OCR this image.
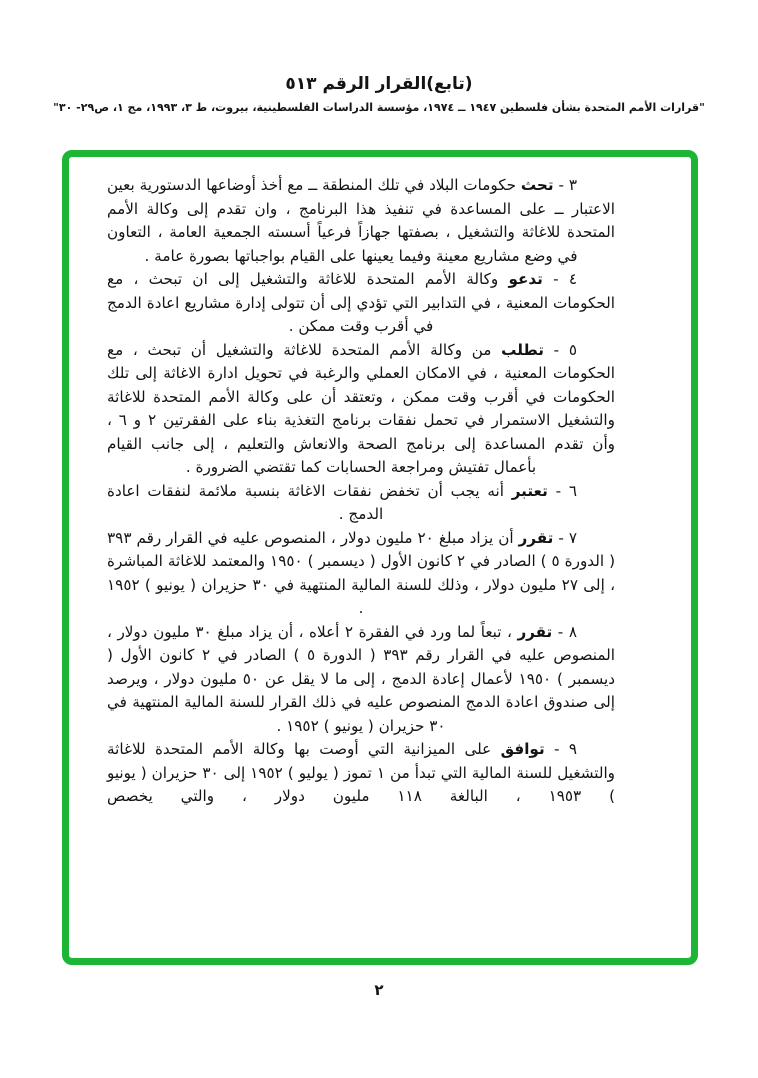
(تابع)القرار الرقم ٥١٣
"قرارات الأمم المتحدة بشأن فلسطين ١٩٤٧ ــ ١٩٧٤، مؤسسة الدراسات الفلسطينية، بيروت، ط ٣، ١٩٩٣، مج ١، ص٢٩- ٣٠"

٣ - تحث حكومات البلاد في تلك المنطقة ــ مع أخذ أوضاعها الدستورية بعين الاعتبار ــ على المساعدة في تنفيذ هذا البرنامج ، وان تقدم إلى وكالة الأمم المتحدة للاغاثة والتشغيل ، بصفتها جهازاً فرعياً أسسته الجمعية العامة ، التعاون في وضع مشاريع معينة وفيما يعينها على القيام بواجباتها بصورة عامة .

٤ - تدعو وكالة الأمم المتحدة للاغاثة والتشغيل إلى ان تبحث ، مع الحكومات المعنية ، في التدابير التي تؤدي إلى أن تتولى إدارة مشاريع اعادة الدمج في أقرب وقت ممكن .

٥ - تطلب من وكالة الأمم المتحدة للاغاثة والتشغيل أن تبحث ، مع الحكومات المعنية ، في الامكان العملي والرغبة في تحويل ادارة الاغاثة إلى تلك الحكومات في أقرب وقت ممكن ، وتعتقد أن على وكالة الأمم المتحدة للاغاثة والتشغيل الاستمرار في تحمل نفقات برنامج التغذية بناء على الفقرتين ٢ و ٦ ، وأن تقدم المساعدة إلى برنامج الصحة والانعاش والتعليم ، إلى جانب القيام بأعمال تفتيش ومراجعة الحسابات كما تقتضي الضرورة .

٦ - تعتبر أنه يجب أن تخفض نفقات الاغاثة بنسبة ملائمة لنفقات اعادة الدمج .

٧ - تقرر أن يزاد مبلغ ٢٠ مليون دولار ، المنصوص عليه في القرار رقم ٣٩٣ ( الدورة ٥ ) الصادر في ٢ كانون الأول ( ديسمبر ) ١٩٥٠ والمعتمد للاغاثة المباشرة ، إلى ٢٧ مليون دولار ، وذلك للسنة المالية المنتهية في ٣٠ حزيران ( يونيو ) ١٩٥٢ .

٨ - تقرر ، تبعاً لما ورد في الفقرة ٢ أعلاه ، أن يزاد مبلغ ٣٠ مليون دولار ، المنصوص عليه في القرار رقم ٣٩٣ ( الدورة ٥ ) الصادر في ٢ كانون الأول ( ديسمبر ) ١٩٥٠ لأعمال إعادة الدمج ، إلى ما لا يقل عن ٥٠ مليون دولار ، ويرصد إلى صندوق اعادة الدمج المنصوص عليه في ذلك القرار للسنة المالية المنتهية في ٣٠ حزيران ( يونيو ) ١٩٥٢ .

٩ - توافق على الميزانية التي أوصت بها وكالة الأمم المتحدة للاغاثة والتشغيل للسنة المالية التي تبدأ من ١ تموز ( يوليو ) ١٩٥٢ إلى ٣٠ حزيران ( يونيو ) ١٩٥٣ ، البالغة ١١٨ مليون دولار ، والتي يخصص

٢
